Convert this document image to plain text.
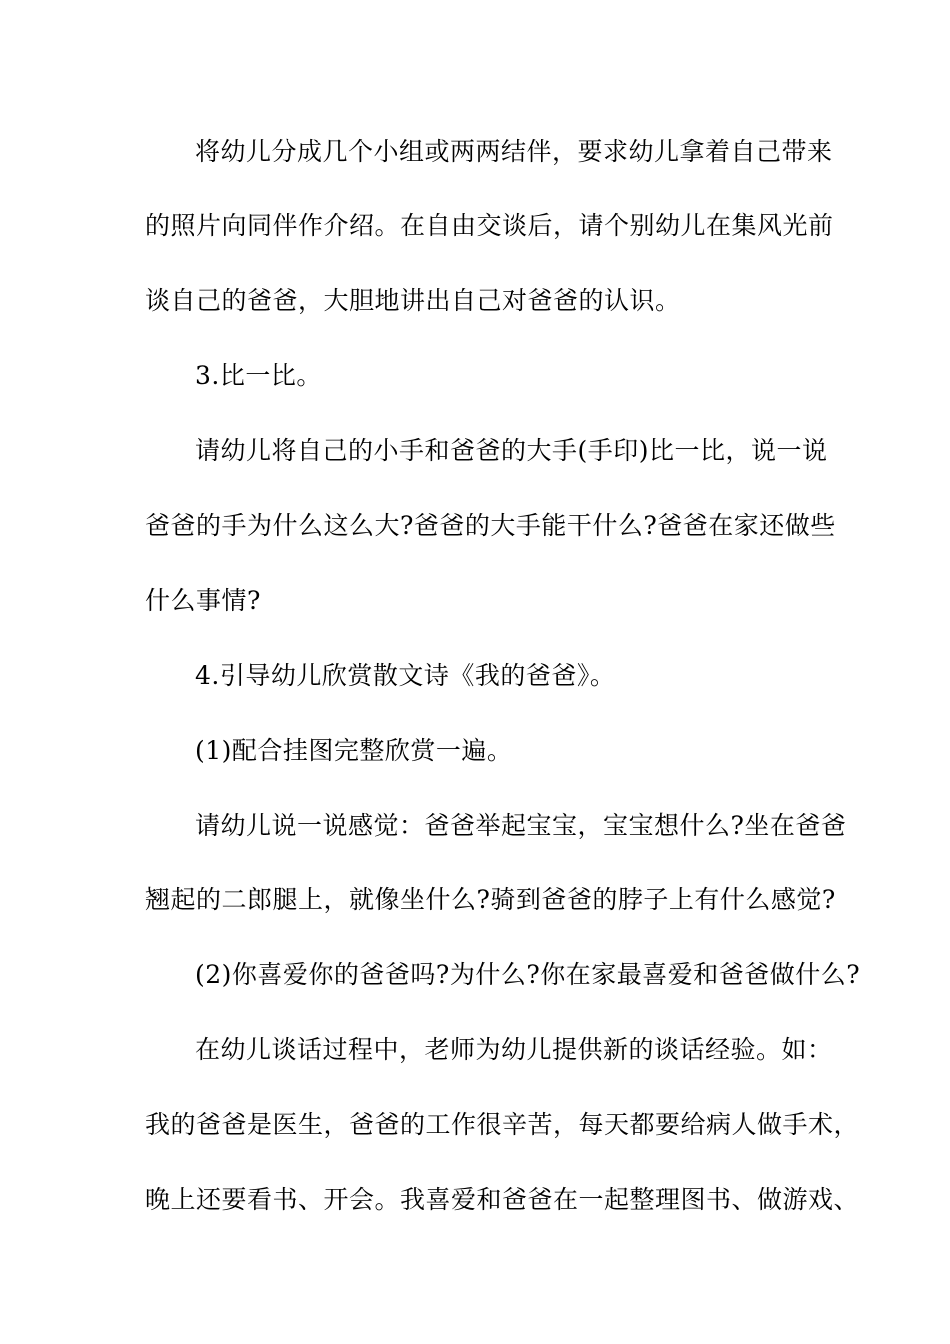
将幼儿分成几个小组或两两结伴，要求幼儿拿着自己带来
的照片向同伴作介绍。在自由交谈后，请个别幼儿在集风光前
谈自己的爸爸，大胆地讲出自己对爸爸的认识。
3.比一比。
请幼儿将自己的小手和爸爸的大手(手印)比一比，说一说
爸爸的手为什么这么大?爸爸的大手能干什么?爸爸在家还做些
什么事情?
4.引导幼儿欣赏散文诗《我的爸爸》。
(1)配合挂图完整欣赏一遍。
请幼儿说一说感觉：爸爸举起宝宝，宝宝想什么?坐在爸爸
翘起的二郎腿上，就像坐什么?骑到爸爸的脖子上有什么感觉?
(2)你喜爱你的爸爸吗?为什么?你在家最喜爱和爸爸做什么?
在幼儿谈话过程中，老师为幼儿提供新的谈话经验。如：
我的爸爸是医生，爸爸的工作很辛苦，每天都要给病人做手术，
晚上还要看书、开会。我喜爱和爸爸在一起整理图书、做游戏、
